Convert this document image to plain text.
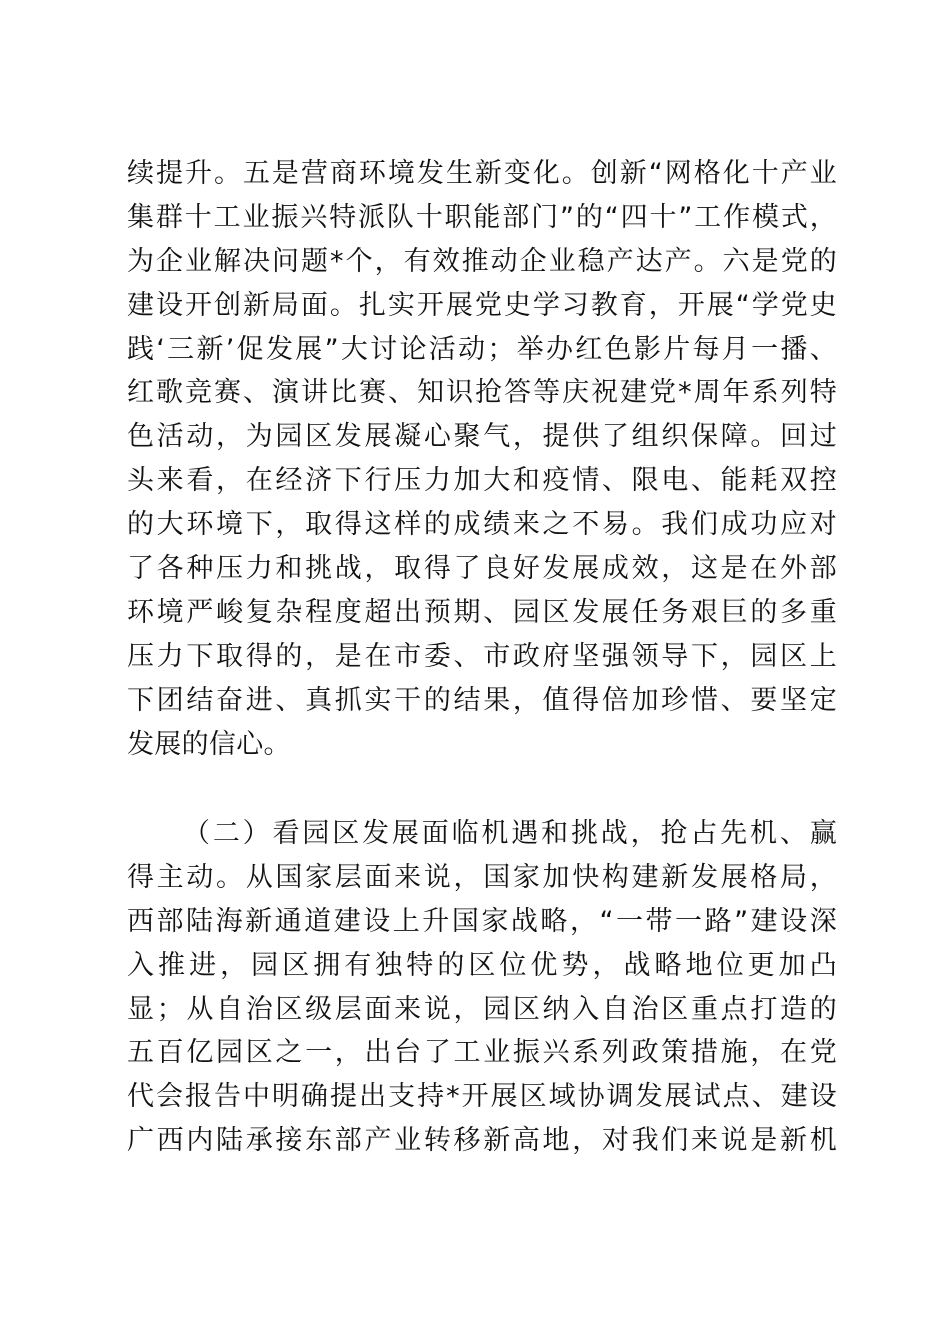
续提升。五是营商环境发生新变化。创新“网格化十产业
集群十工业振兴特派队十职能部门”的“四十”工作模式，
为企业解决问题*个，有效推动企业稳产达产。六是党的
建设开创新局面。扎实开展党史学习教育，开展“学党史
践‘三新’促发展”大讨论活动；举办红色影片每月一播、
红歌竞赛、演讲比赛、知识抢答等庆祝建党*周年系列特
色活动，为园区发展凝心聚气，提供了组织保障。回过
头来看，在经济下行压力加大和疫情、限电、能耗双控
的大环境下，取得这样的成绩来之不易。我们成功应对
了各种压力和挑战，取得了良好发展成效，这是在外部
环境严峻复杂程度超出预期、园区发展任务艰巨的多重
压力下取得的，是在市委、市政府坚强领导下，园区上
下团结奋进、真抓实干的结果，值得倍加珍惜、要坚定
发展的信心。
（二）看园区发展面临机遇和挑战，抢占先机、赢
得主动。从国家层面来说，国家加快构建新发展格局，
西部陆海新通道建设上升国家战略，“一带一路”建设深
入推进，园区拥有独特的区位优势，战略地位更加凸
显；从自治区级层面来说，园区纳入自治区重点打造的
五百亿园区之一，出台了工业振兴系列政策措施，在党
代会报告中明确提出支持*开展区域协调发展试点、建设
广西内陆承接东部产业转移新高地，对我们来说是新机
